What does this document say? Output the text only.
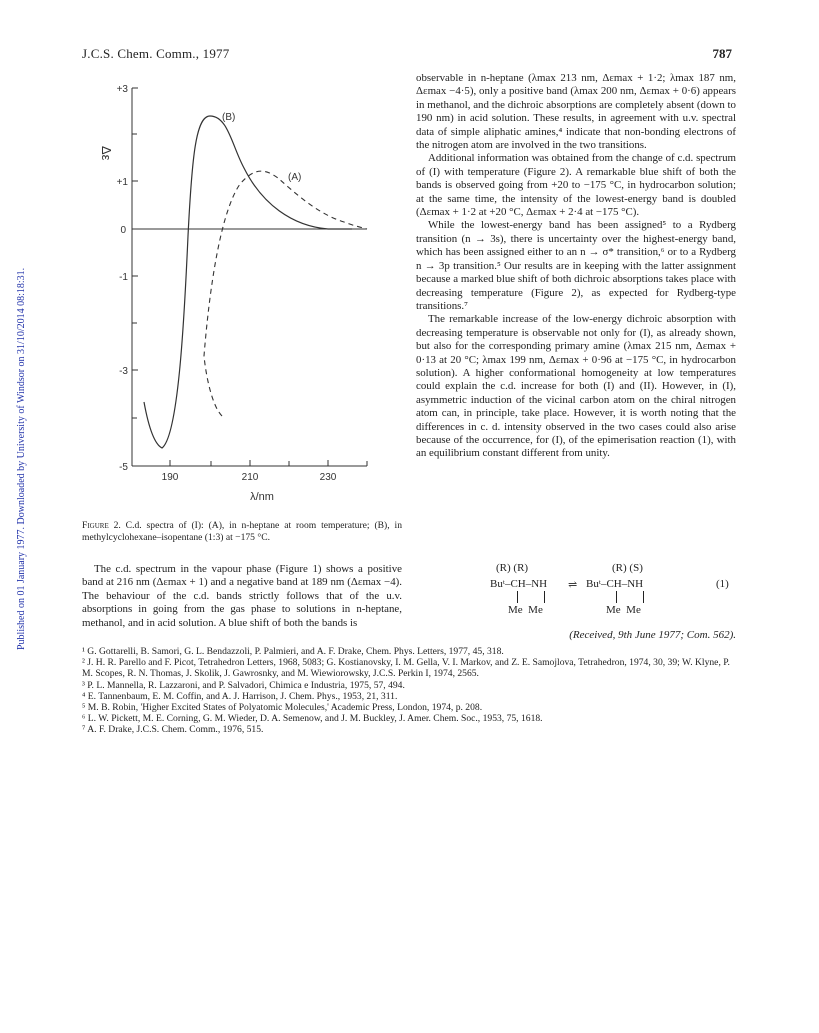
J.C.S. Chem. Comm., 1977	787
Published on 01 January 1977. Downloaded by University of Windsor on 31/10/2014 08:18:31.
+3
+1
0
-1
-3
-5
Δε
190	210	230
λ/nm
(B)
(A)
Figure 2. C.d. spectra of (I): (A), in n-heptane at room temperature; (B), in methylcyclohexane–isopentane (1:3) at −175 °C.

The c.d. spectrum in the vapour phase (Figure 1) shows a positive band at 216 nm (Δεmax + 1) and a negative band at 189 nm (Δεmax −4). The behaviour of the c.d. bands strictly follows that of the u.v. absorptions in going from the gas phase to solutions in n-heptane, methanol, and in acid solution. A blue shift of both the bands is

observable in n-heptane (λmax 213 nm, Δεmax + 1·2; λmax 187 nm, Δεmax −4·5), only a positive band (λmax 200 nm, Δεmax + 0·6) appears in methanol, and the dichroic absorptions are completely absent (down to 190 nm) in acid solution. These results, in agreement with u.v. spectral data of simple aliphatic amines,⁴ indicate that non-bonding electrons of the nitrogen atom are involved in the two transitions.

Additional information was obtained from the change of c.d. spectrum of (I) with temperature (Figure 2). A remarkable blue shift of both the bands is observed going from +20 to −175 °C, in hydrocarbon solution; at the same time, the intensity of the lowest-energy band is doubled (Δεmax + 1·2 at +20 °C, Δεmax + 2·4 at −175 °C).

While the lowest-energy band has been assigned⁵ to a Rydberg transition (n → 3s), there is uncertainty over the highest-energy band, which has been assigned either to an n → σ* transition,⁶ or to a Rydberg n → 3p transition.⁵ Our results are in keeping with the latter assignment because a marked blue shift of both dichroic absorptions takes place with decreasing temperature (Figure 2), as expected for Rydberg-type transitions.⁷

The remarkable increase of the low-energy dichroic absorption with decreasing temperature is observable not only for (I), as already shown, but also for the corresponding primary amine (λmax 215 nm, Δεmax + 0·13 at 20 °C; λmax 199 nm, Δεmax + 0·96 at −175 °C, in hydrocarbon solution). A higher conformational homogeneity at low temperatures could explain the c.d. increase for both (I) and (II). However, in (I), asymmetric induction of the vicinal carbon atom on the chiral nitrogen atom can, in principle, take place. However, it is worth noting that the differences in c. d. intensity observed in the two cases could also arise because of the occurrence, for (I), of the epimerisation reaction (1), with an equilibrium constant different from unity.

(R) (R)	(R) (S)
Buᵗ–CH–NH ⇌ Buᵗ–CH–NH	(1)
Me  Me	Me  Me
(Received, 9th June 1977; Com. 562).
¹ G. Gottarelli, B. Samori, G. L. Bendazzoli, P. Palmieri, and A. F. Drake, Chem. Phys. Letters, 1977, 45, 318.
² J. H. R. Parello and F. Picot, Tetrahedron Letters, 1968, 5083; G. Kostianovsky, I. M. Gella, V. I. Markov, and Z. E. Samojlova, Tetrahedron, 1974, 30, 39; W. Klyne, P. M. Scopes, R. N. Thomas, J. Skolik, J. Gawrosnky, and M. Wiewiorowsky, J.C.S. Perkin I, 1974, 2565.
³ P. L. Mannella, R. Lazzaroni, and P. Salvadori, Chimica e Industria, 1975, 57, 494.
⁴ E. Tannenbaum, E. M. Coffin, and A. J. Harrison, J. Chem. Phys., 1953, 21, 311.
⁵ M. B. Robin, 'Higher Excited States of Polyatomic Molecules,' Academic Press, London, 1974, p. 208.
⁶ L. W. Pickett, M. E. Corning, G. M. Wieder, D. A. Semenow, and J. M. Buckley, J. Amer. Chem. Soc., 1953, 75, 1618.
⁷ A. F. Drake, J.C.S. Chem. Comm., 1976, 515.
